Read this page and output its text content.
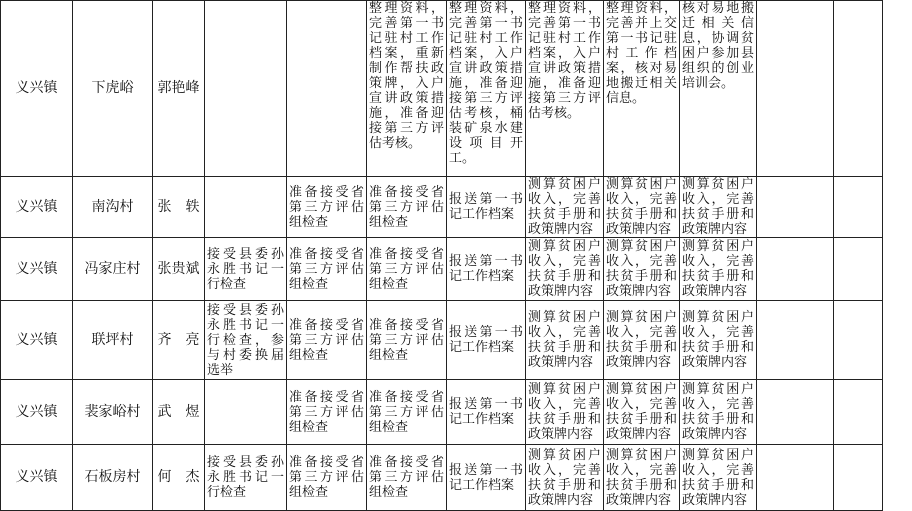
义兴镇	下虎峪	郭艳峰			整理资料，完善第一书记驻村工作档案，重新制作帮扶政策牌，入户宣讲政策措施，准备迎接第三方评估考核。	整理资料，完善第一书记驻村工作档案，入户宣讲政策措施，准备迎接第三方评估考核，桶装矿泉水建设项目开工。	整理资料，完善第一书记驻村工作档案，入户宣讲政策措施，准备迎接第三方评估考核。	整理资料，完善并上交第一书记驻村工作档案，核对易地搬迁相关信息。	核对易地搬迁相关信息，协调贫困户参加县组织的创业培训会。		

义兴镇	南沟村	张　轶		准备接受省第三方评估组检查	准备接受省第三方评估组检查	报送第一书记工作档案	测算贫困户收入，完善扶贫手册和政策牌内容	测算贫困户收入，完善扶贫手册和政策牌内容	测算贫困户收入，完善扶贫手册和政策牌内容		

义兴镇	冯家庄村	张贵斌	接受县委孙永胜书记一行检查	准备接受省第三方评估组检查	准备接受省第三方评估组检查	报送第一书记工作档案	测算贫困户收入，完善扶贫手册和政策牌内容	测算贫困户收入，完善扶贫手册和政策牌内容	测算贫困户收入，完善扶贫手册和政策牌内容		

义兴镇	联坪村	齐　亮	接受县委孙永胜书记一行检查，参与村委换届选举	准备接受省第三方评估组检查	准备接受省第三方评估组检查	报送第一书记工作档案	测算贫困户收入，完善扶贫手册和政策牌内容	测算贫困户收入，完善扶贫手册和政策牌内容	测算贫困户收入，完善扶贫手册和政策牌内容		

义兴镇	裴家峪村	武　煜		准备接受省第三方评估组检查	准备接受省第三方评估组检查	报送第一书记工作档案	测算贫困户收入，完善扶贫手册和政策牌内容	测算贫困户收入，完善扶贫手册和政策牌内容	测算贫困户收入，完善扶贫手册和政策牌内容		

义兴镇	石板房村	何　杰	接受县委孙永胜书记一行检查	准备接受省第三方评估组检查	准备接受省第三方评估组检查	报送第一书记工作档案	测算贫困户收入，完善扶贫手册和政策牌内容	测算贫困户收入，完善扶贫手册和政策牌内容	测算贫困户收入，完善扶贫手册和政策牌内容		
